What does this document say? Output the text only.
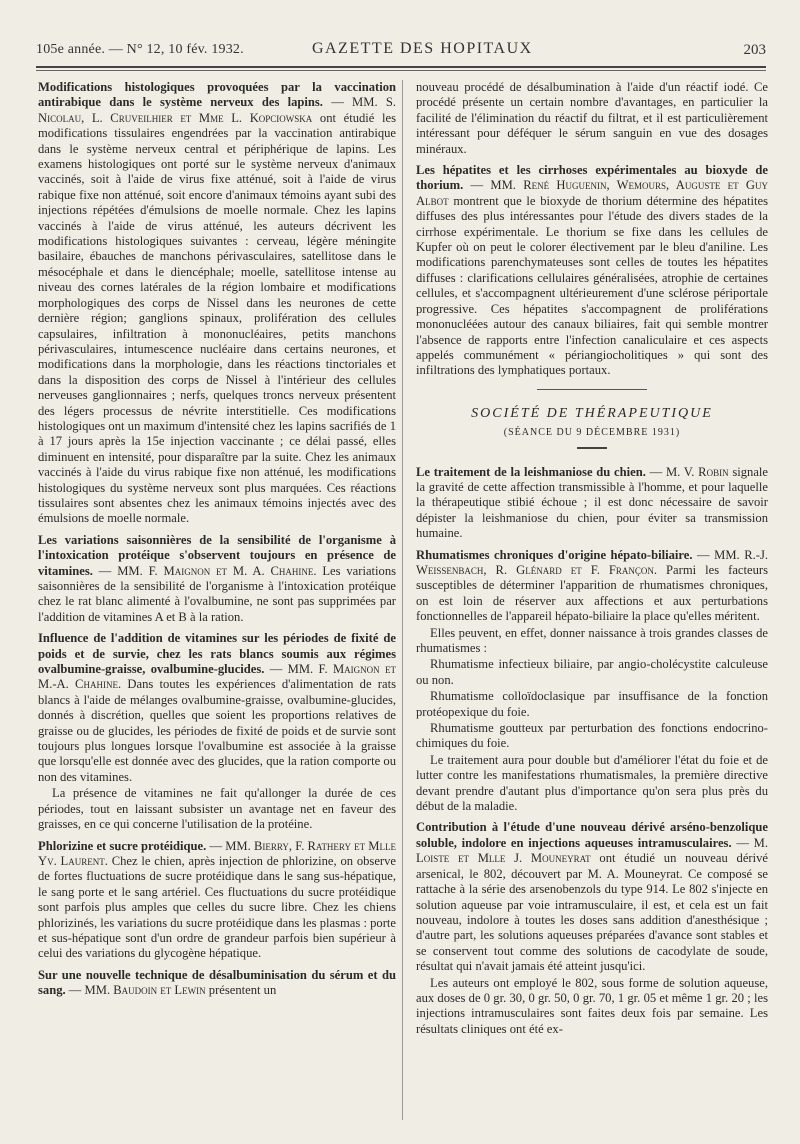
105e année. — N° 12, 10 fév. 1932.	GAZETTE DES HOPITAUX	203

Modifications histologiques provoquées par la vaccination antirabique dans le système nerveux des lapins. — MM. S. Nicolau, L. Cruveilhier et Mme L. Kopciowska ont étudié les modifications tissulaires engendrées par la vaccination antirabique dans le système nerveux central et périphérique de lapins. Les examens histologiques ont porté sur le système nerveux d'animaux vaccinés, soit à l'aide de virus fixe atténué, soit à l'aide de virus rabique fixe non atténué, soit encore d'animaux témoins ayant subi des injections répétées d'émulsions de moelle normale. Chez les lapins vaccinés à l'aide de virus atténué, les auteurs décrivent les modifications histologiques suivantes : cerveau, légère méningite basilaire, ébauches de manchons périvasculaires, satellitose dans le mésocéphale et dans le diencéphale; moelle, satellitose intense au niveau des cornes latérales de la région lombaire et modifications morphologiques des corps de Nissel dans les neurones de cette dernière région; ganglions spinaux, prolifération des cellules capsulaires, infiltration à mononucléaires, petits manchons périvasculaires, intumescence nucléaire dans certains neurones, et modifications dans la morphologie, dans les réactions tinctoriales et dans la disposition des corps de Nissel à l'intérieur des cellules nerveuses ganglionnaires ; nerfs, quelques troncs nerveux présentent des légers processus de névrite interstitielle. Ces modifications histologiques ont un maximum d'intensité chez les lapins sacrifiés de 1 à 17 jours après la 15e injection vaccinante ; ce délai passé, elles diminuent en intensité, pour disparaître par la suite. Chez les animaux vaccinés à l'aide du virus rabique fixe non atténué, les modifications histologiques du système nerveux sont plus marquées. Ces réactions tissulaires sont absentes chez les animaux témoins injectés avec des émulsions de moelle normale.

Les variations saisonnières de la sensibilité de l'organisme à l'intoxication protéique s'observent toujours en présence de vitamines. — MM. F. Maignon et M. A. Chahine. Les variations saisonnières de la sensibilité de l'organisme à l'intoxication protéique chez le rat blanc alimenté à l'ovalbumine, ne sont pas supprimées par l'addition de vitamines A et B à la ration.

Influence de l'addition de vitamines sur les périodes de fixité de poids et de survie, chez les rats blancs soumis aux régimes ovalbumine-graisse, ovalbumine-glucides. — MM. F. Maignon et M.-A. Chahine. Dans toutes les expériences d'alimentation de rats blancs à l'aide de mélanges ovalbumine-graisse, ovalbumine-glucides, donnés à discrétion, quelles que soient les proportions relatives de graisse ou de glucides, les périodes de fixité de poids et de survie sont toujours plus longues lorsque l'ovalbumine est associée à la graisse que lorsqu'elle est donnée avec des glucides, que la ration comporte ou non des vitamines.

La présence de vitamines ne fait qu'allonger la durée de ces périodes, tout en laissant subsister un avantage net en faveur des graisses, en ce qui concerne l'utilisation de la protéine.

Phlorizine et sucre protéidique. — MM. Bierry, F. Rathery et Mlle Yv. Laurent. Chez le chien, après injection de phlorizine, on observe de fortes fluctuations de sucre protéidique dans le sang sus-hépatique, le sang porte et le sang artériel. Ces fluctuations du sucre protéidique sont parfois plus amples que celles du sucre libre. Chez les chiens phlorizinés, les variations du sucre protéidique dans les plasmas : porte et sus-hépatique sont d'un ordre de grandeur parfois bien supérieur à celui des variations du glycogène hépatique.

Sur une nouvelle technique de désalbuminisation du sérum et du sang. — MM. Baudoin et Lewin présentent un

nouveau procédé de désalbumination à l'aide d'un réactif iodé. Ce procédé présente un certain nombre d'avantages, en particulier la facilité de l'élimination du réactif du filtrat, et il est particulièrement intéressant pour déféquer le sérum sanguin en vue des dosages minéraux.

Les hépatites et les cirrhoses expérimentales au bioxyde de thorium. — MM. René Huguenin, Wemours, Auguste et Guy Albot montrent que le bioxyde de thorium détermine des hépatites diffuses des plus intéressantes pour l'étude des divers stades de la cirrhose expérimentale. Le thorium se fixe dans les cellules de Kupfer où on peut le colorer électivement par le bleu d'aniline. Les modifications parenchymateuses sont celles de toutes les hépatites diffuses : clarifications cellulaires généralisées, atrophie de certaines cellules, et s'accompagnent ultérieurement d'une sclérose périportale progressive. Ces hépatites s'accompagnent de proliférations mononucléées autour des canaux biliaires, fait qui semble montrer l'absence de rapports entre l'infection canaliculaire et ces aspects appelés communément « périangiocholitiques » qui sont des infiltrations des lymphatiques portaux.

SOCIÉTÉ DE THÉRAPEUTIQUE
(SÉANCE DU 9 DÉCEMBRE 1931)

Le traitement de la leishmaniose du chien. — M. V. Robin signale la gravité de cette affection transmissible à l'homme, et pour laquelle la thérapeutique stibié échoue ; il est donc nécessaire de savoir dépister la leishmaniose du chien, pour éviter sa transmission humaine.

Rhumatismes chroniques d'origine hépato-biliaire. — MM. R.-J. Weissenbach, R. Glénard et F. Françon. Parmi les facteurs susceptibles de déterminer l'apparition de rhumatismes chroniques, on est loin de réserver aux affections et aux perturbations fonctionnelles de l'appareil hépato-biliaire la place qu'elles méritent.

Elles peuvent, en effet, donner naissance à trois grandes classes de rhumatismes :

Rhumatisme infectieux biliaire, par angio-cholécystite calculeuse ou non.

Rhumatisme colloïdoclasique par insuffisance de la fonction protéopexique du foie.

Rhumatisme goutteux par perturbation des fonctions endocrino-chimiques du foie.

Le traitement aura pour double but d'améliorer l'état du foie et de lutter contre les manifestations rhumatismales, la première directive devant prendre d'autant plus d'importance qu'on sera plus près du début de la maladie.

Contribution à l'étude d'une nouveau dérivé arséno-benzolique soluble, indolore en injections aqueuses intramusculaires. — M. Loiste et Mlle J. Mouneyrat ont étudié un nouveau dérivé arsenical, le 802, découvert par M. A. Mouneyrat. Ce composé se rattache à la série des arsenobenzols du type 914. Le 802 s'injecte en solution aqueuse par voie intramusculaire, il est, et cela est un fait nouveau, indolore à toutes les doses sans addition d'anesthésique ; d'autre part, les solutions aqueuses préparées d'avance sont stables et se conservent tout comme des solutions de cacodylate de soude, résultat qui n'avait jamais été atteint jusqu'ici.

Les auteurs ont employé le 802, sous forme de solution aqueuse, aux doses de 0 gr. 30, 0 gr. 50, 0 gr. 70, 1 gr. 05 et même 1 gr. 20 ; les injections intramusculaires sont faites deux fois par semaine. Les résultats cliniques ont été ex-
